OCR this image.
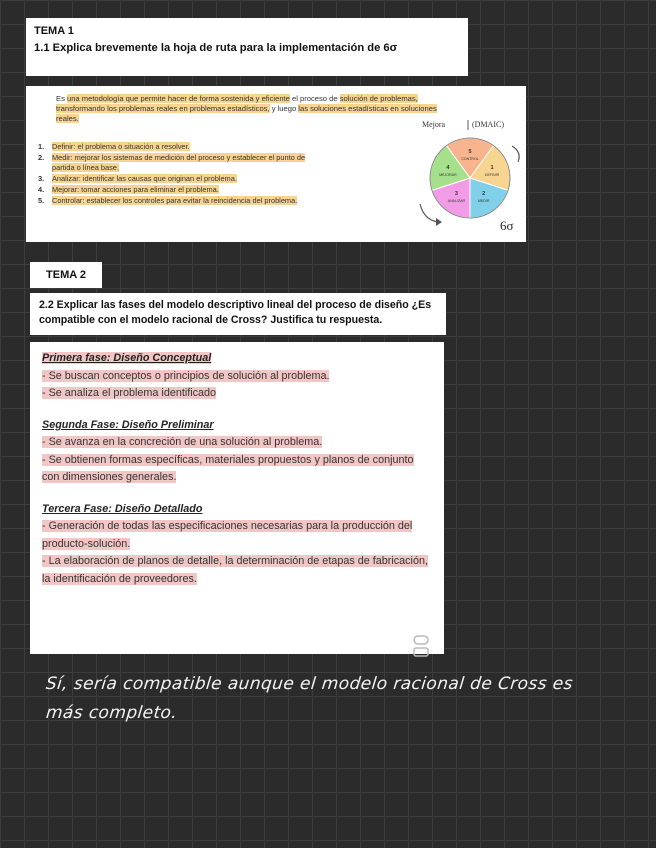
TEMA 1
1.1 Explica brevemente la hoja de ruta para la implementación de 6σ
Es una metodología que permite hacer de forma sostenida y eficiente el proceso de solución de problemas, transformando los problemas reales en problemas estadísticos, y luego las soluciones estadísticas en soluciones reales.
1. Definir: el problema o situación a resolver.
2. Medir: mejorar los sistemas de medición del proceso y establecer el punto de
partida o línea base.
3. Analizar: identificar las causas que originan el problema.
4. Mejorar: tomar acciones para eliminar el problema.
5. Controlar: establecer los controles para evitar la reincidencia del problema.
Mejora	(DMAIC)
5
CONTROL
1
DEFINIR
2
MEDIR
3
ANALIZAR
4
MEJORAR
6σ
TEMA 2
2.2 Explicar las fases del modelo descriptivo lineal del proceso de diseño ¿Es compatible con el modelo racional de Cross? Justifica tu respuesta.
Primera fase: Diseño Conceptual
- Se buscan conceptos o principios de solución al problema.
- Se analiza el problema identificado
Segunda Fase: Diseño Preliminar
- Se avanza en la concreción de una solución al problema.
- Se obtienen formas específicas, materiales propuestos y planos de conjunto con dimensiones generales.
Tercera Fase: Diseño Detallado
- Generación de todas las especificaciones necesarias para la producción del producto-solución.
- La elaboración de planos de detalle, la determinación de etapas de fabricación, la identificación de proveedores.
Sí, sería compatible aunque el modelo racional de Cross es
más completo.
